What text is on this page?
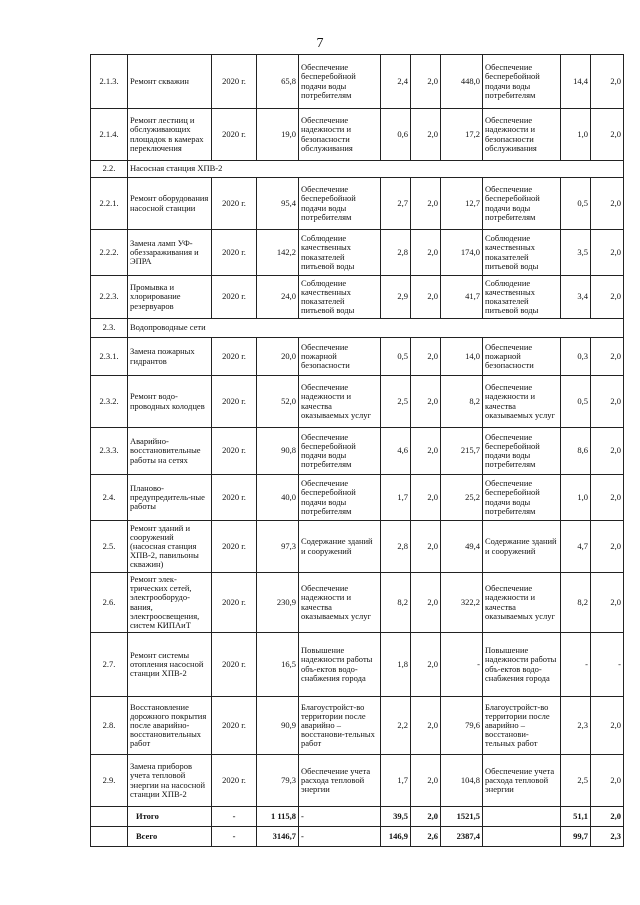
7
2.1.3.	Ремонт скважин	2020 г.	65,8	Обеспечение бесперебойной подачи воды потребителям	2,4	2,0	448,0	Обеспечение бесперебойной подачи воды потребителям	14,4	2,0
2.1.4.	Ремонт лестниц и обслуживающих площадок в камерах переключения	2020 г.	19,0	Обеспечение надежности и безопасности обслуживания	0,6	2,0	17,2	Обеспечение надежности и безопасности обслуживания	1,0	2,0
2.2.	Насосная станция ХПВ-2									
2.2.1.	Ремонт оборудования насосной станции	2020 г.	95,4	Обеспечение бесперебойной подачи воды потребителям	2,7	2,0	12,7	Обеспечение бесперебойной подачи воды потребителям	0,5	2,0
2.2.2.	Замена ламп УФ-обеззараживания и ЭПРА	2020 г.	142,2	Соблюдение качественных показателей питьевой воды	2,8	2,0	174,0	Соблюдение качественных показателей питьевой воды	3,5	2,0
2.2.3.	Промывка и хлорирование резервуаров	2020 г.	24,0	Соблюдение качественных показателей питьевой воды	2,9	2,0	41,7	Соблюдение качественных показателей питьевой воды	3,4	2,0
2.3.	Водопроводные сети									
2.3.1.	Замена пожарных гидрантов	2020 г.	20,0	Обеспечение пожарной безопасности	0,5	2,0	14,0	Обеспечение пожарной безопасности	0,3	2,0
2.3.2.	Ремонт водо-проводных колодцев	2020 г.	52,0	Обеспечение надежности и качества оказываемых услуг	2,5	2,0	8,2	Обеспечение надежности и качества оказываемых услуг	0,5	2,0
2.3.3.	Аварийно-восстановительные работы на сетях	2020 г.	90,8	Обеспечение бесперебойной подачи воды потребителям	4,6	2,0	215,7	Обеспечение бесперебойной подачи воды потребителям	8,6	2,0
2.4.	Планово-предупредитель-ные работы	2020 г.	40,0	Обеспечение бесперебойной подачи воды потребителям	1,7	2,0	25,2	Обеспечение бесперебойной подачи воды потребителям	1,0	2,0
2.5.	Ремонт зданий и сооружений (насосная станция ХПВ-2, павильоны скважин)	2020 г.	97,3	Содержание зданий и сооружений	2,8	2,0	49,4	Содержание зданий и сооружений	4,7	2,0
2.6.	Ремонт элек-трических сетей, электрооборудо-вания, электроосвещения, систем КИПАиТ	2020 г.	230,9	Обеспечение надежности и качества оказываемых услуг	8,2	2,0	322,2	Обеспечение надежности и качества оказываемых услуг	8,2	2,0
2.7.	Ремонт системы отопления насосной станции ХПВ-2	2020 г.	16,5	Повышение надежности работы объ-ектов водо-снабжения города	1,8	2,0	-	Повышение надежности работы объ-ектов водо-снабжения города	-	-
2.8.	Восстановление дорожного покрытия после аварийно-восстановительных работ	2020 г.	90,9	Благоустройст-во территории после аварийно – восстанови-тельных работ	2,2	2,0	79,6	Благоустройст-во территории после аварийно – восстанови-тельных работ	2,3	2,0
2.9.	Замена приборов учета тепловой энергии на насосной станции ХПВ-2	2020 г.	79,3	Обеспечение учета расхода тепловой энергии	1,7	2,0	104,8	Обеспечение учета расхода тепловой энергии	2,5	2,0
	Итого	-	1 115,8	-	39,5	2,0	1521,5		51,1	2,0
	Всего	-	3146,7	-	146,9	2,6	2387,4		99,7	2,3
